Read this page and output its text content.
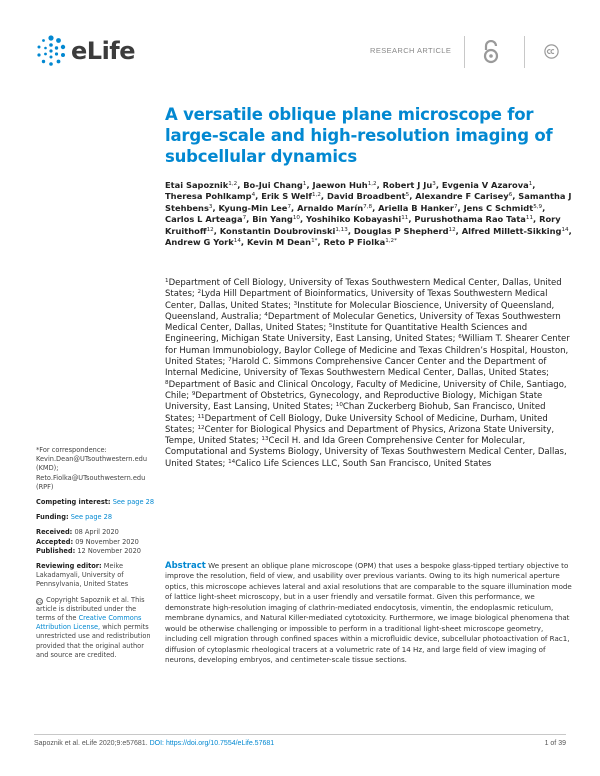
eLife	RESEARCH ARTICLE
A versatile oblique plane microscope for large-scale and high-resolution imaging of subcellular dynamics
Etai Sapoznik$^{1,2}$, Bo-Jui Chang$^1$, Jaewon Huh$^{1,2}$, Robert J Ju$^3$, Evgenia V Azarova$^1$, Theresa Pohlkamp$^4$, Erik S Welf$^{1,2}$, David Broadbent$^5$, Alexandre F Carisey$^6$, Samantha J Stehbens$^3$, Kyung-Min Lee$^7$, Arnaldo Marín$^{7,8}$, Ariella B Hanker$^7$, Jens C Schmidt$^{5,9}$, Carlos L Arteaga$^7$, Bin Yang$^{10}$, Yoshihiko Kobayashi$^{11}$, Purushothama Rao Tata$^{11}$, Rory Kruithoff$^{12}$, Konstantin Doubrovinski$^{1,13}$, Douglas P Shepherd$^{12}$, Alfred Millett-Sikking$^{14}$, Andrew G York$^{14}$, Kevin M Dean$^{1*}$, Reto P Fiolka$^{1,2*}$
$^1$Department of Cell Biology, University of Texas Southwestern Medical Center, Dallas, United States; $^2$Lyda Hill Department of Bioinformatics, University of Texas Southwestern Medical Center, Dallas, United States; $^3$Institute for Molecular Bioscience, University of Queensland, Queensland, Australia; $^4$Department of Molecular Genetics, University of Texas Southwestern Medical Center, Dallas, United States; $^5$Institute for Quantitative Health Sciences and Engineering, Michigan State University, East Lansing, United States; $^6$William T. Shearer Center for Human Immunobiology, Baylor College of Medicine and Texas Children’s Hospital, Houston, United States; $^7$Harold C. Simmons Comprehensive Cancer Center and the Department of Internal Medicine, University of Texas Southwestern Medical Center, Dallas, United States; $^8$Department of Basic and Clinical Oncology, Faculty of Medicine, University of Chile, Santiago, Chile; $^9$Department of Obstetrics, Gynecology, and Reproductive Biology, Michigan State University, East Lansing, United States; $^{10}$Chan Zuckerberg Biohub, San Francisco, United States; $^{11}$Department of Cell Biology, Duke University School of Medicine, Durham, United States; $^{12}$Center for Biological Physics and Department of Physics, Arizona State University, Tempe, United States; $^{13}$Cecil H. and Ida Green Comprehensive Center for Molecular, Computational and Systems Biology, University of Texas Southwestern Medical Center, Dallas, United States; $^{14}$Calico Life Sciences LLC, South San Francisco, United States
*For correspondence:
Kevin.Dean@UTsouthwestern.edu
(KMD);
Reto.Fiolka@UTsouthwestern.edu
(RPF)
Competing interest: See page 28
Funding: See page 28
Received: 08 April 2020
Accepted: 09 November 2020
Published: 12 November 2020
Reviewing editor: Meike Lakadamyali, University of Pennsylvania, United States
cc Copyright Sapoznik et al. This article is distributed under the terms of the Creative Commons Attribution License, which permits unrestricted use and redistribution provided that the original author and source are credited.
Abstract We present an oblique plane microscope (OPM) that uses a bespoke glass-tipped tertiary objective to improve the resolution, field of view, and usability over previous variants. Owing to its high numerical aperture optics, this microscope achieves lateral and axial resolutions that are comparable to the square illumination mode of lattice light-sheet microscopy, but in a user friendly and versatile format. Given this performance, we demonstrate high-resolution imaging of clathrin-mediated endocytosis, vimentin, the endoplasmic reticulum, membrane dynamics, and Natural Killer-mediated cytotoxicity. Furthermore, we image biological phenomena that would be otherwise challenging or impossible to perform in a traditional light-sheet microscope geometry, including cell migration through confined spaces within a microfluidic device, subcellular photoactivation of Rac1, diffusion of cytoplasmic rheological tracers at a volumetric rate of 14 Hz, and large field of view imaging of neurons, developing embryos, and centimeter-scale tissue sections.
Sapoznik et al. eLife 2020;9:e57681. DOI: https://doi.org/10.7554/eLife.57681	1 of 39
